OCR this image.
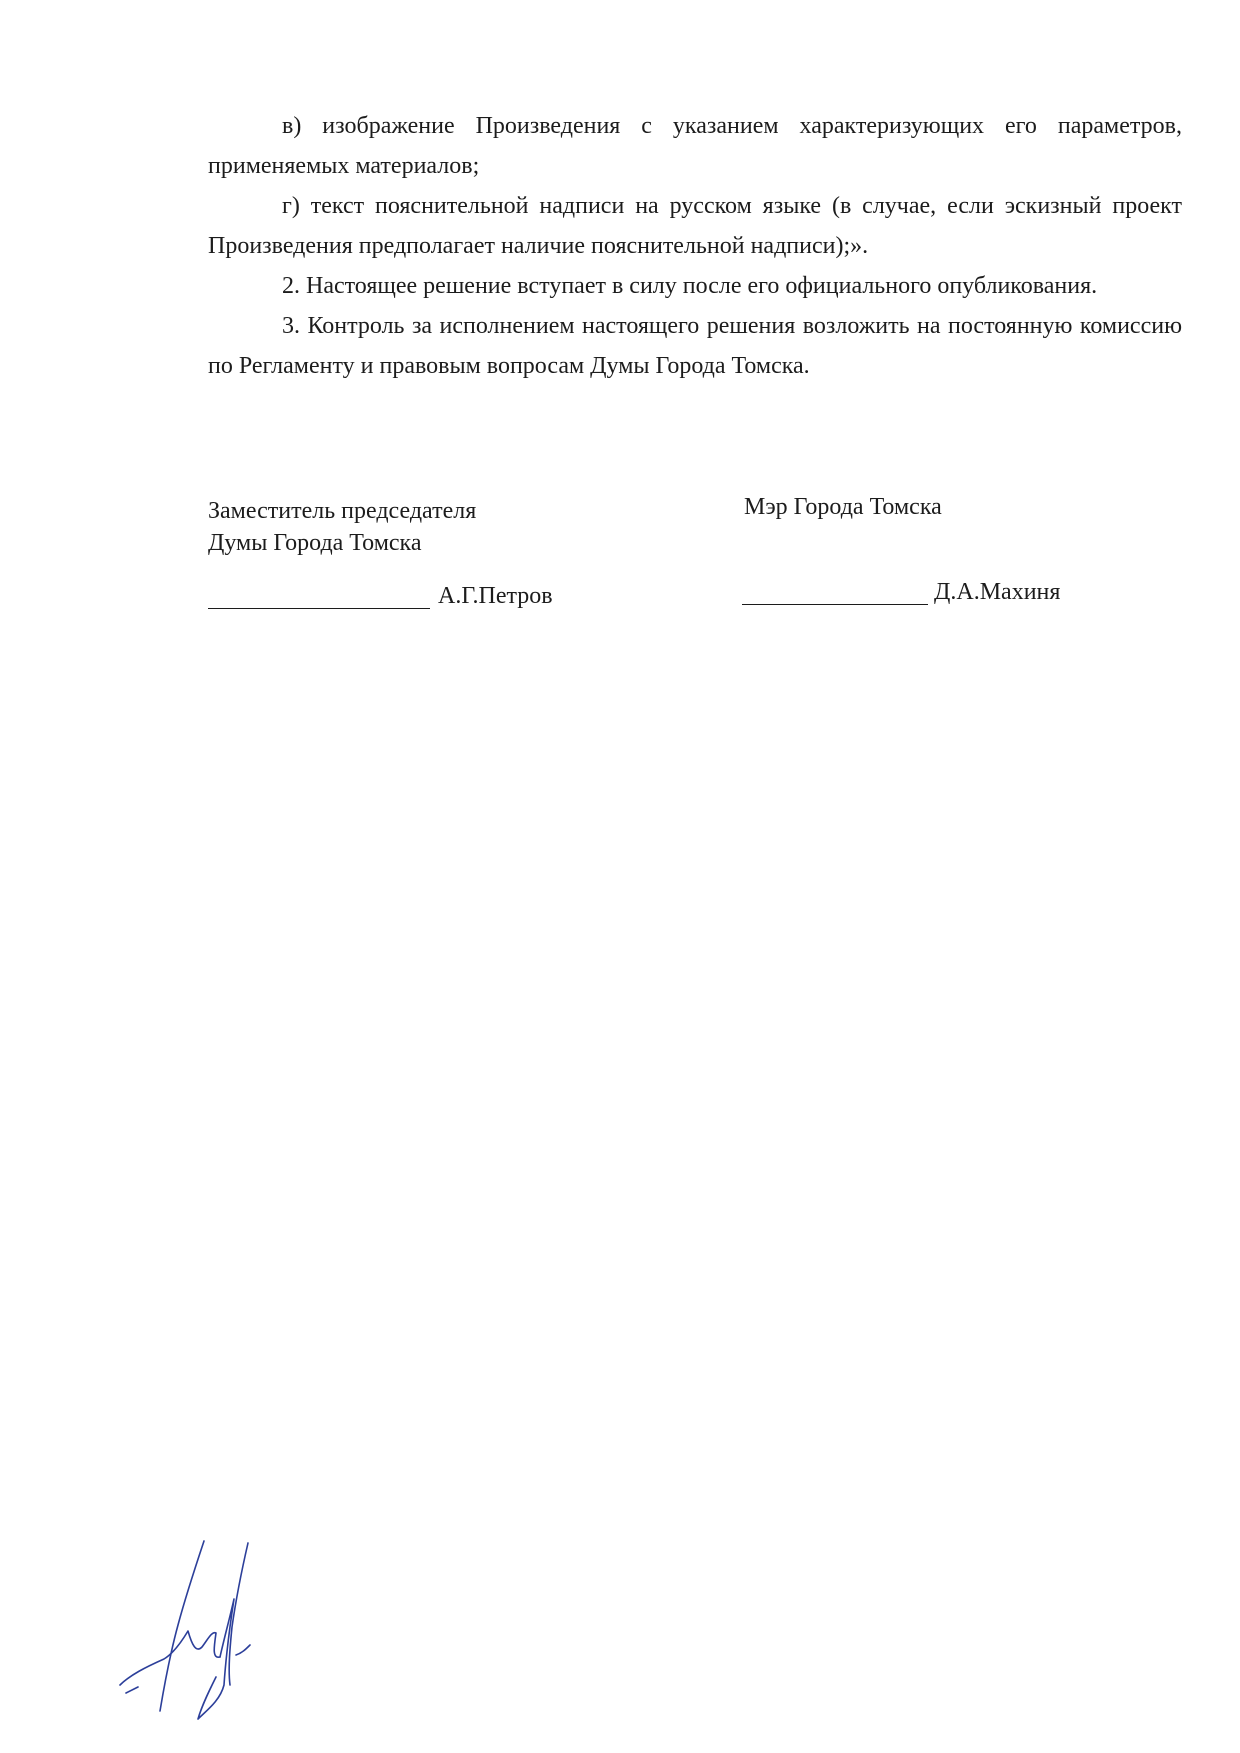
в) изображение Произведения с указанием характеризующих его параметров, применяемых материалов;

г) текст пояснительной надписи на русском языке (в случае, если эскизный проект Произведения предполагает наличие пояснительной надписи);».

2. Настоящее решение вступает в силу после его официального опубликования.

3. Контроль за исполнением настоящего решения возложить на постоянную комиссию по Регламенту и правовым вопросам Думы Города Томска.

Заместитель председателя
Думы Города Томска
А.Г.Петров
Мэр Города Томска
Д.А.Махиня
